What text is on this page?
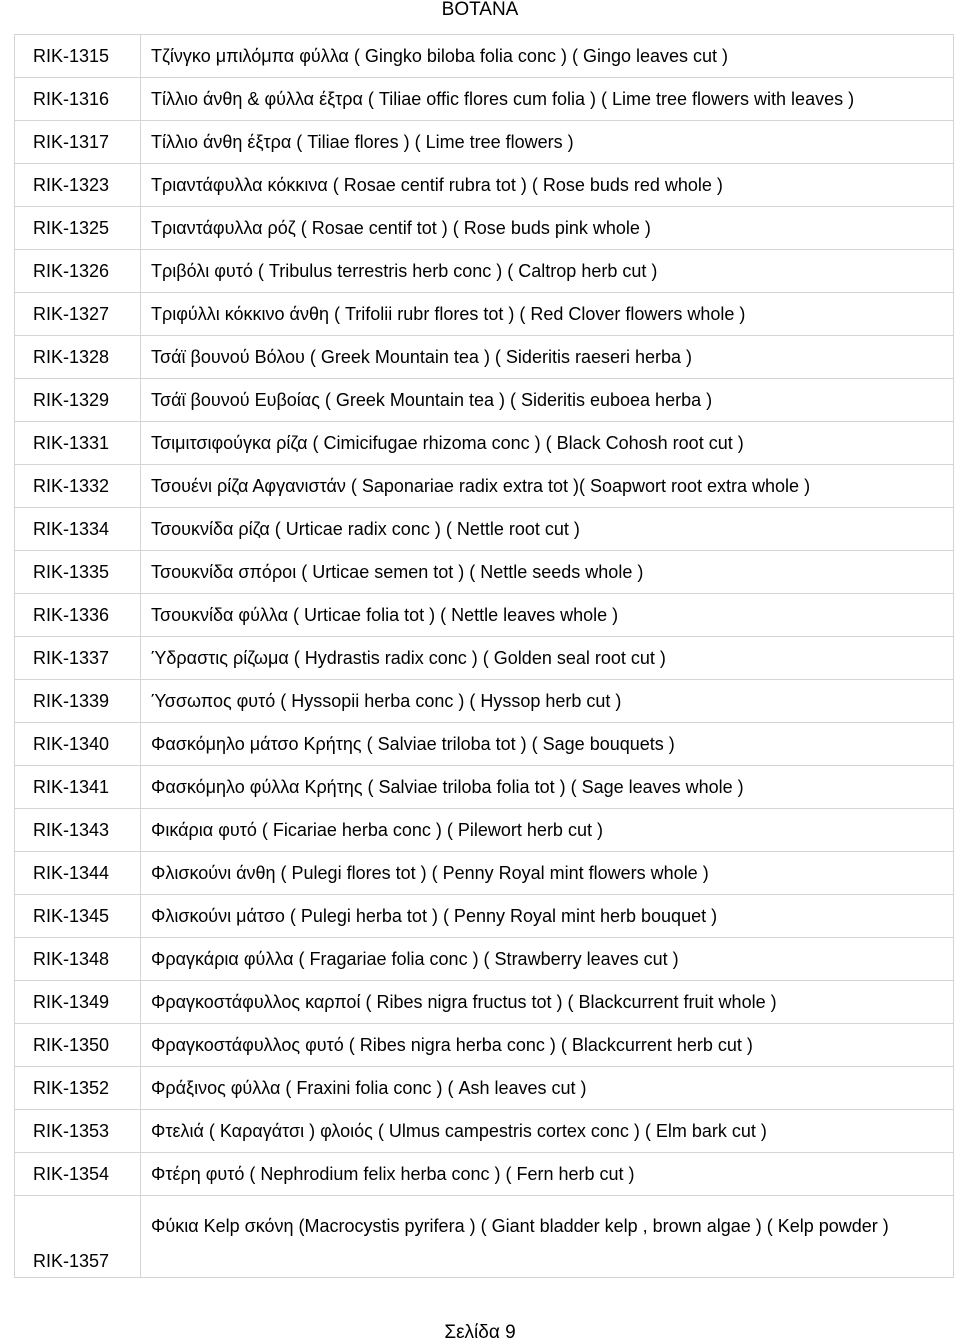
BOTANA
RIK-1315	Τζίνγκο μπιλόμπα φύλλα ( Gingko biloba folia conc ) ( Gingo leaves cut )
RIK-1316	Τίλλιο άνθη & φύλλα έξτρα ( Tiliae offic flores cum folia ) ( Lime tree flowers with leaves )
RIK-1317	Τίλλιο άνθη έξτρα ( Tiliae flores ) ( Lime tree flowers )
RIK-1323	Τριαντάφυλλα κόκκινα ( Rosae centif rubra tot ) ( Rose buds red whole )
RIK-1325	Τριαντάφυλλα ρόζ ( Rosae centif tot ) ( Rose buds pink whole )
RIK-1326	Τριβόλι φυτό ( Tribulus terrestris herb conc ) ( Caltrop herb cut )
RIK-1327	Τριφύλλι κόκκινο άνθη ( Trifolii rubr flores tot ) ( Red Clover flowers whole )
RIK-1328	Τσάϊ βουνού Βόλου ( Greek Mountain tea ) ( Sideritis raeseri herba )
RIK-1329	Τσάϊ βουνού Ευβοίας ( Greek Mountain tea ) ( Sideritis euboea herba )
RIK-1331	Τσιμιτσιφούγκα ρίζα ( Cimicifugae rhizoma conc ) ( Black Cohosh root cut )
RIK-1332	Τσουένι ρίζα Αφγανιστάν ( Saponariae radix extra tot )( Soapwort root extra whole )
RIK-1334	Τσουκνίδα ρίζα ( Urticae radix conc ) ( Nettle root cut )
RIK-1335	Τσουκνίδα σπόροι ( Urticae semen tot ) ( Nettle seeds whole )
RIK-1336	Τσουκνίδα φύλλα ( Urticae folia tot ) ( Nettle leaves whole )
RIK-1337	Ύδραστις ρίζωμα ( Hydrastis radix conc ) ( Golden seal root cut )
RIK-1339	Ύσσωπος φυτό ( Hyssopii herba conc ) ( Hyssop herb cut )
RIK-1340	Φασκόμηλο μάτσο Κρήτης ( Salviae triloba tot ) ( Sage bouquets )
RIK-1341	Φασκόμηλο φύλλα Κρήτης ( Salviae triloba folia tot ) ( Sage leaves whole )
RIK-1343	Φικάρια φυτό ( Ficariae herba conc ) ( Pilewort herb cut )
RIK-1344	Φλισκούνι άνθη ( Pulegi flores tot ) ( Penny Royal mint flowers whole )
RIK-1345	Φλισκούνι μάτσο ( Pulegi herba tot ) ( Penny Royal mint herb bouquet )
RIK-1348	Φραγκάρια φύλλα ( Fragariae folia conc ) ( Strawberry leaves cut )
RIK-1349	Φραγκοστάφυλλος καρποί ( Ribes nigra fructus tot ) ( Blackcurrent fruit whole )
RIK-1350	Φραγκοστάφυλλος φυτό ( Ribes nigra herba conc ) ( Blackcurrent herb cut )
RIK-1352	Φράξινος φύλλα ( Fraxini folia conc ) ( Ash leaves cut )
RIK-1353	Φτελιά ( Καραγάτσι ) φλοιός ( Ulmus campestris cortex conc ) ( Elm bark cut )
RIK-1354	Φτέρη φυτό ( Nephrodium felix herba conc ) ( Fern herb cut )
RIK-1357	Φύκια Kelp σκόνη (Macrocystis pyrifera ) ( Giant bladder kelp , brown algae ) ( Kelp powder )
Σελίδα 9
